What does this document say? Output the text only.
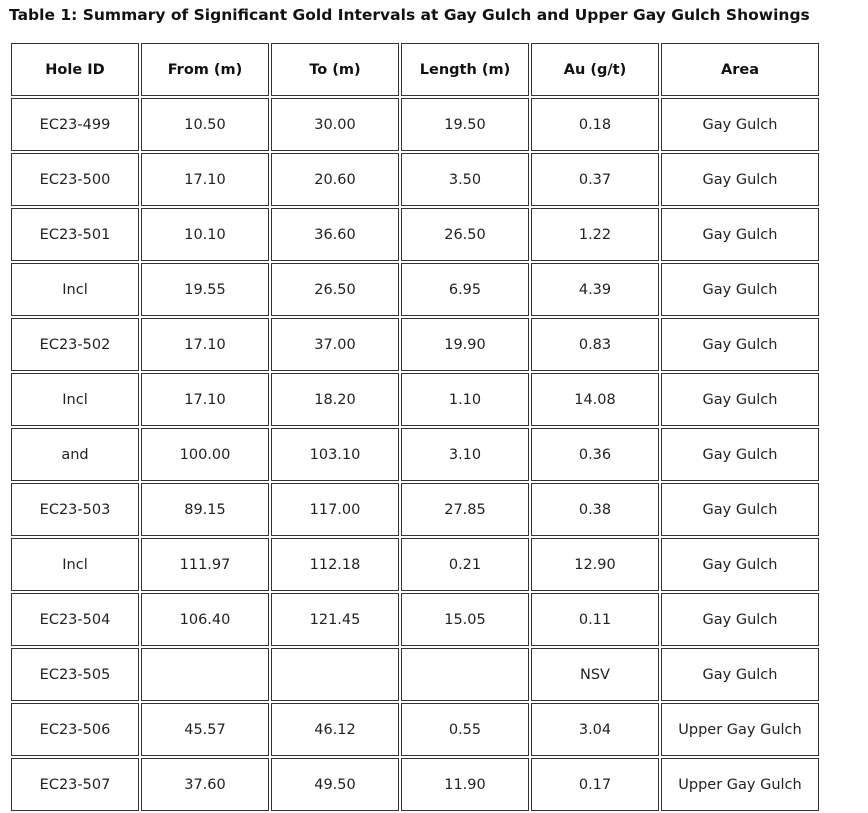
Table 1: Summary of Significant Gold Intervals at Gay Gulch and Upper Gay Gulch Showings
Hole ID	From (m)	To (m)	Length (m)	Au (g/t)	Area
EC23-499	10.50	30.00	19.50	0.18	Gay Gulch
EC23-500	17.10	20.60	3.50	0.37	Gay Gulch
EC23-501	10.10	36.60	26.50	1.22	Gay Gulch
Incl	19.55	26.50	6.95	4.39	Gay Gulch
EC23-502	17.10	37.00	19.90	0.83	Gay Gulch
Incl	17.10	18.20	1.10	14.08	Gay Gulch
and	100.00	103.10	3.10	0.36	Gay Gulch
EC23-503	89.15	117.00	27.85	0.38	Gay Gulch
Incl	111.97	112.18	0.21	12.90	Gay Gulch
EC23-504	106.40	121.45	15.05	0.11	Gay Gulch
EC23-505				NSV	Gay Gulch
EC23-506	45.57	46.12	0.55	3.04	Upper Gay Gulch
EC23-507	37.60	49.50	11.90	0.17	Upper Gay Gulch
